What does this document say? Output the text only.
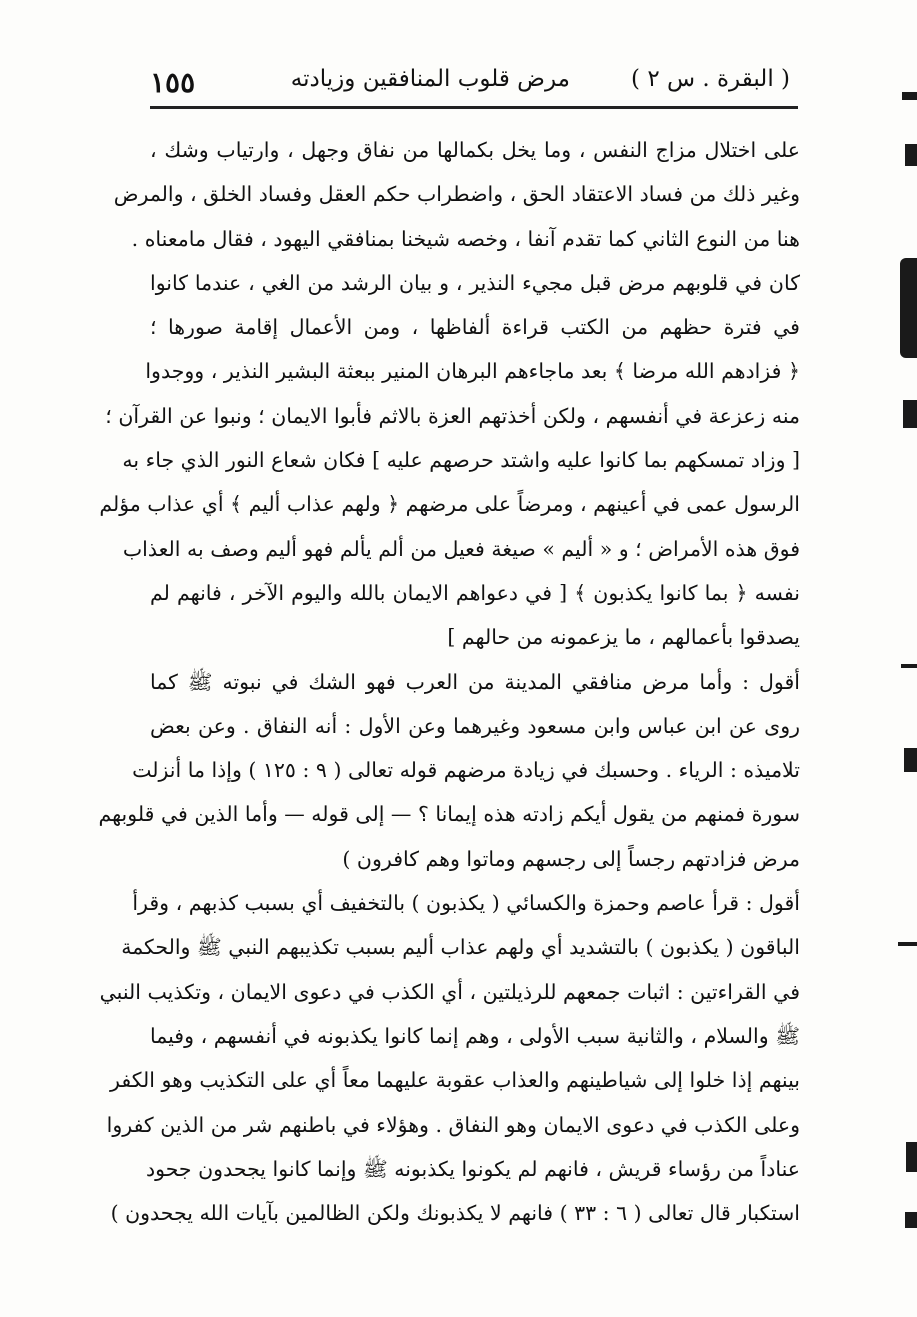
( البقرة . س ٢ )
مرض قلوب المنافقين وزيادته
١٥٥
على اختلال مزاج النفس ، وما يخل بكمالها من نفاق وجهل ، وارتياب وشك ،
وغير ذلك من فساد الاعتقاد الحق ، واضطراب حكم العقل وفساد الخلق ، والمرض
هنا من النوع الثاني كما تقدم آنفا ، وخصه شيخنا بمنافقي اليهود ، فقال مامعناه .
كان في قلوبهم مرض قبل مجيء النذير ، و بيان الرشد من الغي ، عندما كانوا
في فترة حظهم من الكتب قراءة ألفاظها ، ومن الأعمال إقامة صورها ؛
﴿ فزادهم الله مرضا ﴾ بعد ماجاءهم البرهان المنير ببعثة البشير النذير ، ووجدوا
منه زعزعة في أنفسهم ، ولكن أخذتهم العزة بالاثم فأبوا الايمان ؛ ونبوا عن القرآن ؛
[ وزاد تمسكهم بما كانوا عليه واشتد حرصهم عليه ] فكان شعاع النور الذي جاء به
الرسول عمى في أعينهم ، ومرضاً على مرضهم ﴿ ولهم عذاب أليم ﴾ أي عذاب مؤلم
فوق هذه الأمراض ؛ و « أليم » صيغة فعيل من ألم يألم فهو أليم وصف به العذاب
نفسه ﴿ بما كانوا يكذبون ﴾ [ في دعواهم الايمان بالله واليوم الآخر ، فانهم لم
يصدقوا بأعمالهم ، ما يزعمونه من حالهم ]
أقول : وأما مرض منافقي المدينة من العرب فهو الشك في نبوته ﷺ كما
روى عن ابن عباس وابن مسعود وغيرهما وعن الأول : أنه النفاق . وعن بعض
تلاميذه : الرياء . وحسبك في زيادة مرضهم قوله تعالى ( ٩ : ١٢٥ ) وإذا ما أنزلت
سورة فمنهم من يقول أيكم زادته هذه إيمانا ؟ — إلى قوله — وأما الذين في قلوبهم
مرض فزادتهم رجساً إلى رجسهم وماتوا وهم كافرون )
أقول : قرأ عاصم وحمزة والكسائي ( يكذبون ) بالتخفيف أي بسبب كذبهم ، وقرأ
الباقون ( يكذبون ) بالتشديد أي ولهم عذاب أليم بسبب تكذيبهم النبي ﷺ والحكمة
في القراءتين : اثبات جمعهم للرذيلتين ، أي الكذب في دعوى الايمان ، وتكذيب النبي
ﷺ والسلام ، والثانية سبب الأولى ، وهم إنما كانوا يكذبونه في أنفسهم ، وفيما
بينهم إذا خلوا إلى شياطينهم والعذاب عقوبة عليهما معاً أي على التكذيب وهو الكفر
وعلى الكذب في دعوى الايمان وهو النفاق . وهؤلاء في باطنهم شر من الذين كفروا
عناداً من رؤساء قريش ، فانهم لم يكونوا يكذبونه ﷺ وإنما كانوا يجحدون جحود
استكبار قال تعالى ( ٦ : ٣٣ ) فانهم لا يكذبونك ولكن الظالمين بآيات الله يجحدون )
